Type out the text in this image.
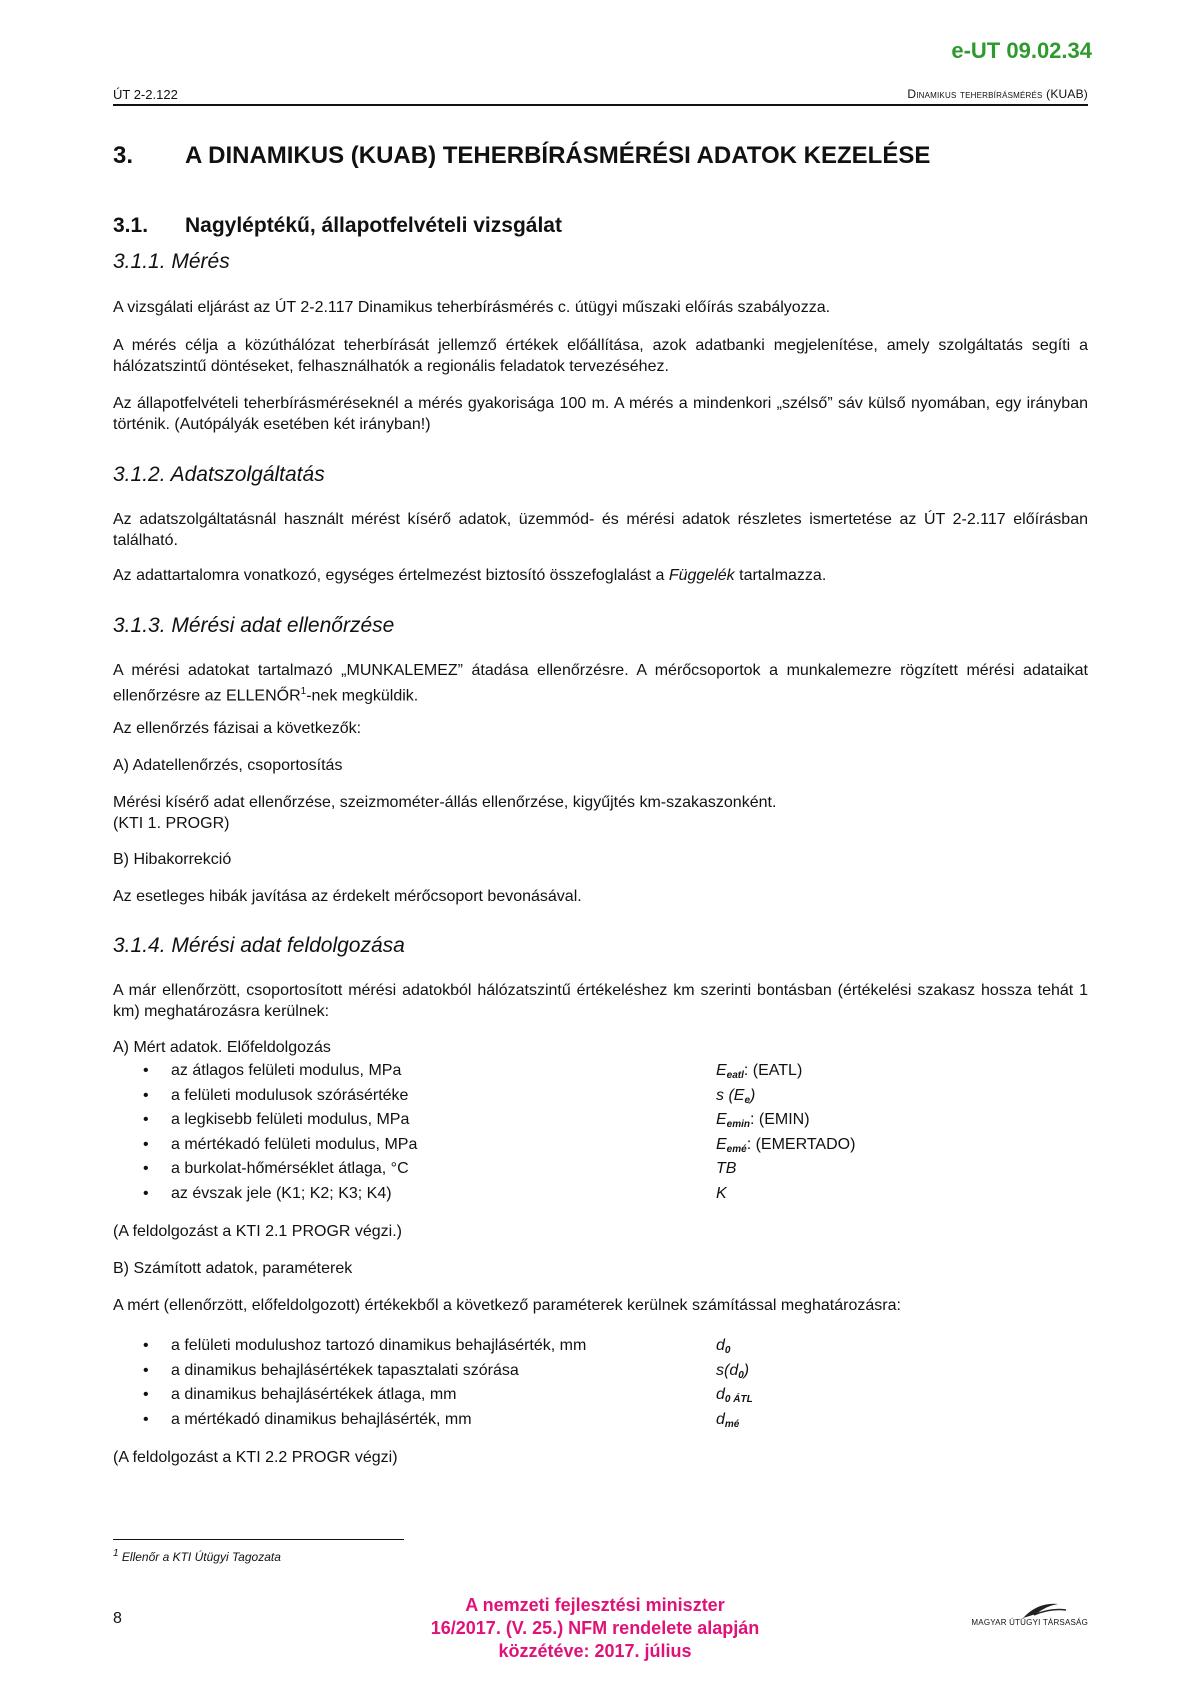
e-UT 09.02.34
ÚT 2-2.122	Dinamikus teherbírásmérés (KUAB)
3. A DINAMIKUS (KUAB) TEHERBÍRÁSMÉRÉSI ADATOK KEZELÉSE
3.1. Nagyléptékű, állapotfelvételi vizsgálat
3.1.1. Mérés
A vizsgálati eljárást az ÚT 2-2.117 Dinamikus teherbírásmérés c. útügyi műszaki előírás szabályozza.
A mérés célja a közúthálózat teherbírását jellemző értékek előállítása, azok adatbanki megjelenítése, amely szolgáltatás segíti a hálózatszintű döntéseket, felhasználhatók a regionális feladatok tervezéséhez.
Az állapotfelvételi teherbírásméréseknél a mérés gyakorisága 100 m. A mérés a mindenkori „szélső” sáv külső nyomában, egy irányban történik. (Autópályák esetében két irányban!)
3.1.2. Adatszolgáltatás
Az adatszolgáltatásnál használt mérést kísérő adatok, üzemmód- és mérési adatok részletes ismertetése az ÚT 2-2.117 előírásban található.
Az adattartalomra vonatkozó, egységes értelmezést biztosító összefoglalást a Függelék tartalmazza.
3.1.3. Mérési adat ellenőrzése
A mérési adatokat tartalmazó „MUNKALEMEZ” átadása ellenőrzésre. A mérőcsoportok a munkalemezre rögzített mérési adataikat ellenőrzésre az ELLENŐR$^1$-nek megküldik.
Az ellenőrzés fázisai a következők:
A) Adatellenőrzés, csoportosítás
Mérési kísérő adat ellenőrzése, szeizmométer-állás ellenőrzése, kigyűjtés km-szakaszonként.
(KTI 1. PROGR)
B) Hibakorrekció
Az esetleges hibák javítása az érdekelt mérőcsoport bevonásával.
3.1.4. Mérési adat feldolgozása
A már ellenőrzött, csoportosított mérési adatokból hálózatszintű értékeléshez km szerinti bontásban (értékelési szakasz hossza tehát 1 km) meghatározásra kerülnek:
A) Mért adatok. Előfeldolgozás
• az átlagos felületi modulus, MPa	$E_{eatl}$: (EATL)
• a felületi modulusok szórásértéke	s $(E_e)$
• a legkisebb felületi modulus, MPa	$E_{emin}$: (EMIN)
• a mértékadó felületi modulus, MPa	$E_{emé}$: (EMERTADO)
• a burkolat-hőmérséklet átlaga, °C	TB
• az évszak jele (K1; K2; K3; K4)	K
(A feldolgozást a KTI 2.1 PROGR végzi.)
B) Számított adatok, paraméterek
A mért (ellenőrzött, előfeldolgozott) értékekből a következő paraméterek kerülnek számítással meghatározásra:
• a felületi modulushoz tartozó dinamikus behajlásérték, mm	$d_0$
• a dinamikus behajlásértékek tapasztalati szórása	$s(d_0)$
• a dinamikus behajlásértékek átlaga, mm	$d_{0 ÁTL}$
• a mértékadó dinamikus behajlásérték, mm	$d_{mé}$
(A feldolgozást a KTI 2.2 PROGR végzi)
$^1$ Ellenőr a KTI Útügyi Tagozata
8
A nemzeti fejlesztési miniszter
16/2017. (V. 25.) NFM rendelete alapján
közzétéve: 2017. július
MAGYAR ÚTÜGYI TÁRSASÁG
